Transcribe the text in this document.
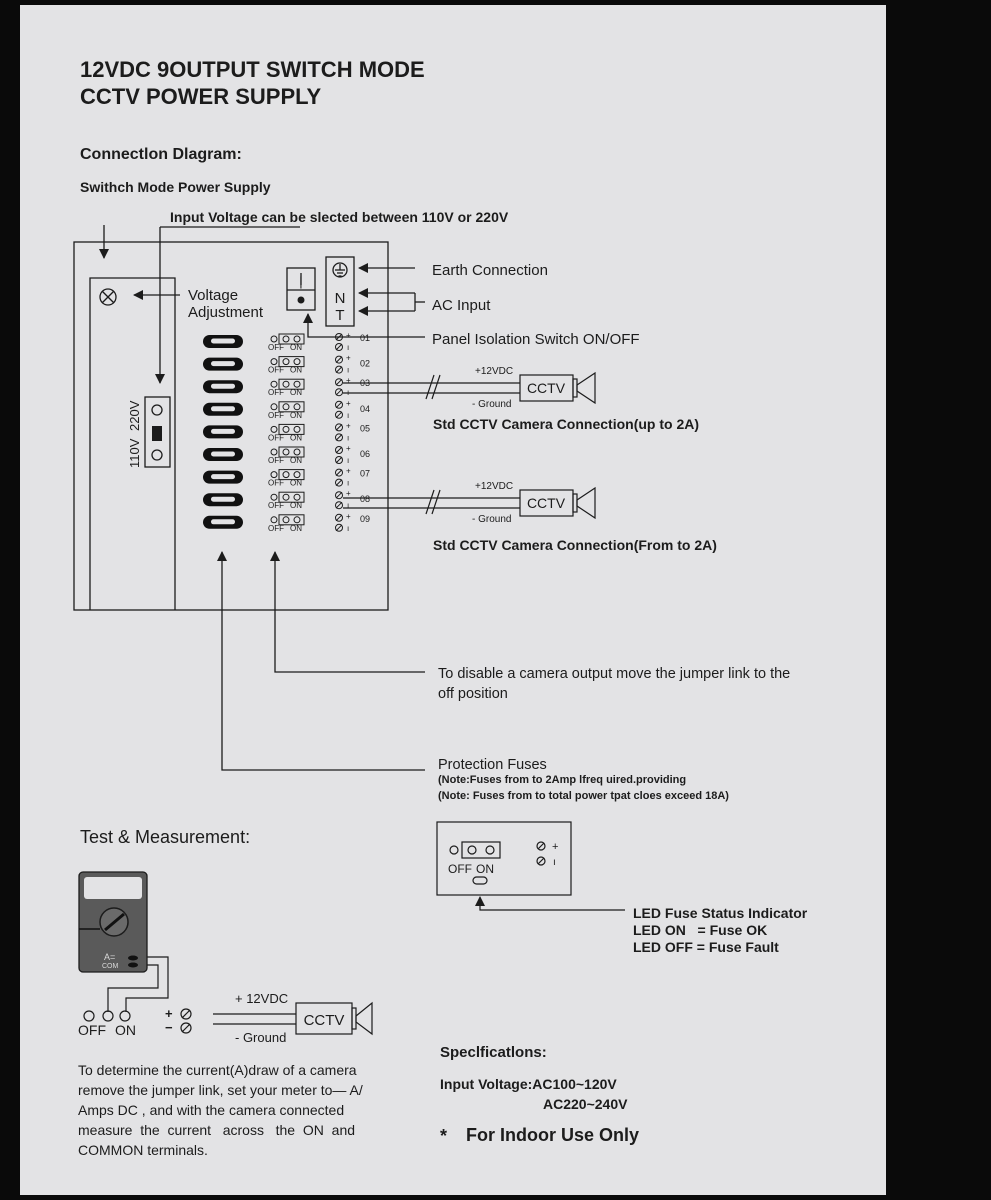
12VDC 9OUTPUT SWITCH MODE
CCTV POWER SUPPLY
Connectlon Dlagram:
Swithch Mode Power Supply
Input Voltage can be slected between 110V or 220V
Voltage
Adjustment
|
N
T
Earth Connection
AC Input
Panel Isolation Switch ON/OFF
110V
220V
OFF ON
+
ı
01
OFF ON
+
ı
02
OFF ON
+
ı
03
OFF ON
+
ı
04
OFF ON
+
ı
05
OFF ON
+
ı
06
OFF ON
+
ı
07
OFF ON
+
ı
08
OFF ON
+
ı
09
+12VDC
- Ground
CCTV
+12VDC
- Ground
CCTV
Std CCTV Camera Connection(up to 2A)
Std CCTV Camera Connection(From to 2A)
To disable a camera output move the jumper link to the
off position
Protection Fuses
(Note:Fuses from to 2Amp lfreq uired.providing
(Note: Fuses from to total power tpat cloes exceed 18A)
Test & Measurement:
OFF ON
+
ı
LED Fuse Status Indicator
LED ON   = Fuse OK
LED OFF = Fuse Fault
A=
COM
OFF ON
+
−
+ 12VDC
- Ground
CCTV
To determine the current(A)draw of a camera
remove the jumper link, set your meter to— A/
Amps DC , and with the camera connected
measure  the  current   across   the  ON  and
COMMON terminals.
Speclficatlons:
Input Voltage:AC100~120V
AC220~240V
* For Indoor Use Only
